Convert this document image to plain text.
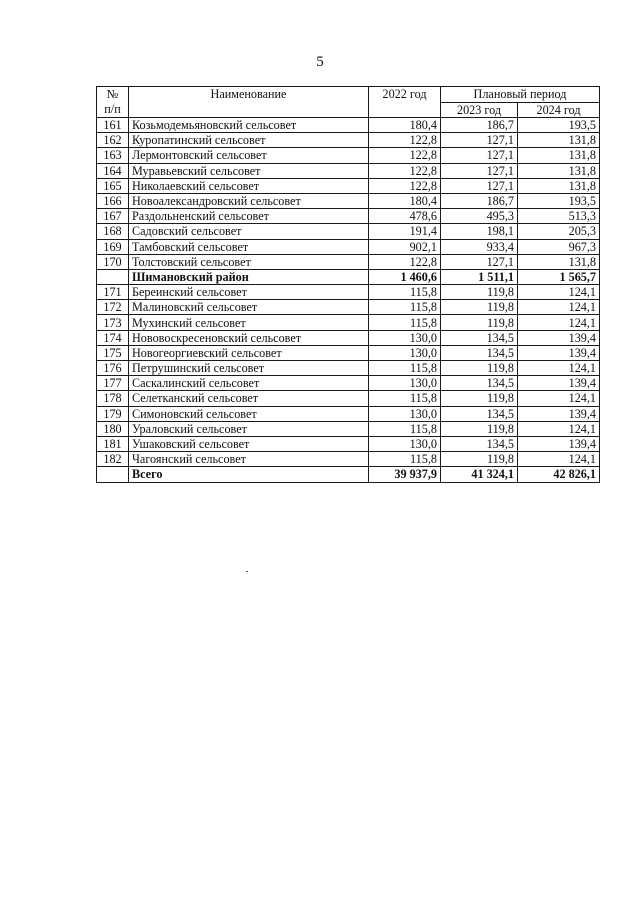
5
№
п/п	Наименование	2022 год	Плановый период	
			2023 год	2024 год
161	Козьмодемьяновский сельсовет	180,4	186,7	193,5
162	Куропатинский сельсовет	122,8	127,1	131,8
163	Лермонтовский сельсовет	122,8	127,1	131,8
164	Муравьевский сельсовет	122,8	127,1	131,8
165	Николаевский сельсовет	122,8	127,1	131,8
166	Новоалександровский сельсовет	180,4	186,7	193,5
167	Раздольненский сельсовет	478,6	495,3	513,3
168	Садовский сельсовет	191,4	198,1	205,3
169	Тамбовский сельсовет	902,1	933,4	967,3
170	Толстовский сельсовет	122,8	127,1	131,8
	Шимановский район	1 460,6	1 511,1	1 565,7
171	Береинский сельсовет	115,8	119,8	124,1
172	Малиновский сельсовет	115,8	119,8	124,1
173	Мухинский сельсовет	115,8	119,8	124,1
174	Нововоскресеновский сельсовет	130,0	134,5	139,4
175	Новогеоргиевский сельсовет	130,0	134,5	139,4
176	Петрушинский сельсовет	115,8	119,8	124,1
177	Саскалинский сельсовет	130,0	134,5	139,4
178	Селетканский сельсовет	115,8	119,8	124,1
179	Симоновский сельсовет	130,0	134,5	139,4
180	Ураловский сельсовет	115,8	119,8	124,1
181	Ушаковский сельсовет	130,0	134,5	139,4
182	Чагоянский сельсовет	115,8	119,8	124,1
	Всего	39 937,9	41 324,1	42 826,1
